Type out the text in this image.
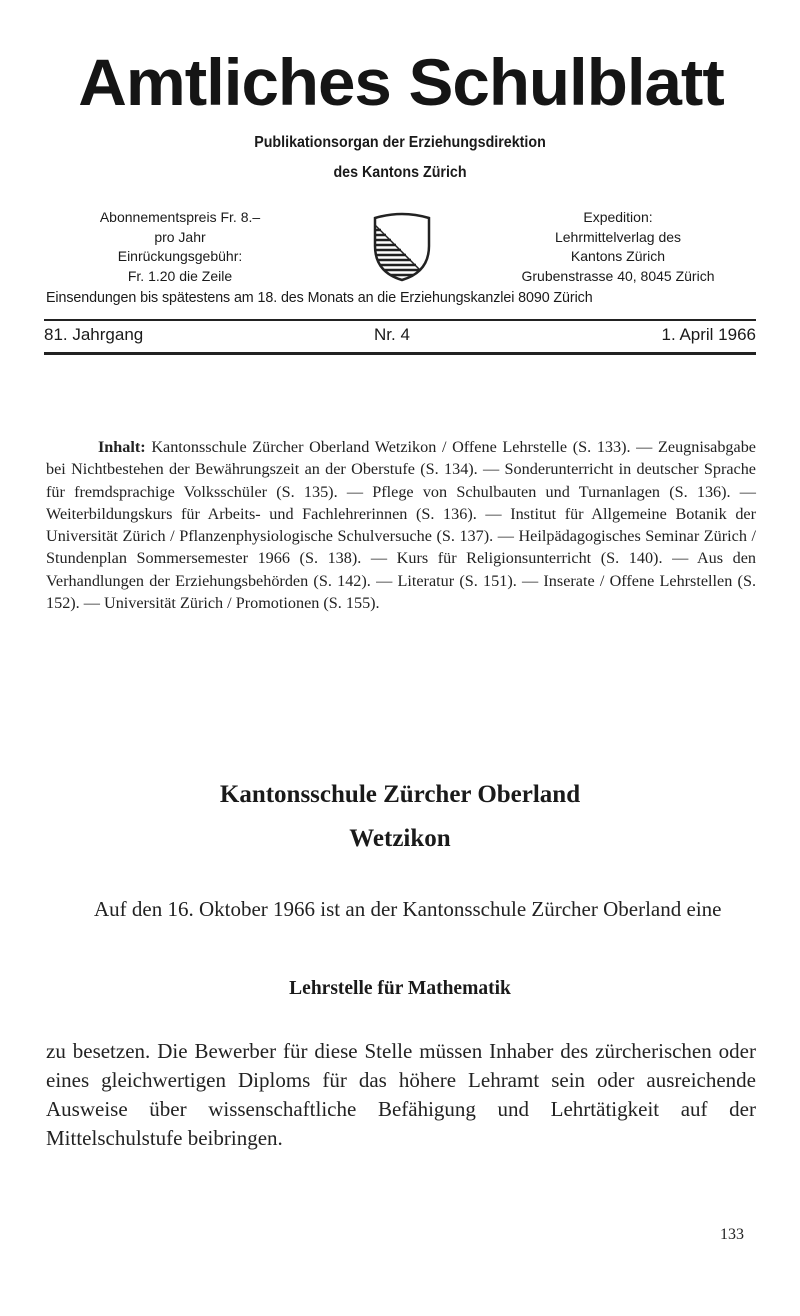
Amtliches Schulblatt
Publikationsorgan der Erziehungsdirektion
des Kantons Zürich
Abonnementspreis Fr. 8.–
pro Jahr
Einrückungsgebühr:
Fr. 1.20 die Zeile
Expedition:
Lehrmittelverlag des
Kantons Zürich
Grubenstrasse 40, 8045 Zürich
Einsendungen bis spätestens am 18. des Monats an die Erziehungskanzlei 8090 Zürich
81. Jahrgang	Nr. 4	1. April 1966
Inhalt: Kantonsschule Zürcher Oberland Wetzikon / Offene Lehrstelle (S. 133). — Zeugnisabgabe bei Nichtbestehen der Bewährungszeit an der Oberstufe (S. 134). — Sonderunterricht in deutscher Sprache für fremdsprachige Volksschüler (S. 135). — Pflege von Schulbauten und Turnanlagen (S. 136). — Weiterbildungskurs für Arbeits- und Fachlehrerinnen (S. 136). — Institut für Allgemeine Botanik der Universität Zürich / Pflanzenphysiologische Schulversuche (S. 137). — Heilpädagogisches Seminar Zürich / Stundenplan Sommersemester 1966 (S. 138). — Kurs für Religionsunterricht (S. 140). — Aus den Verhandlungen der Erziehungsbehörden (S. 142). — Literatur (S. 151). — Inserate / Offene Lehrstellen (S. 152). — Universität Zürich / Promotionen (S. 155).
Kantonsschule Zürcher Oberland
Wetzikon
Auf den 16. Oktober 1966 ist an der Kantonsschule Zürcher Oberland eine
Lehrstelle für Mathematik
zu besetzen. Die Bewerber für diese Stelle müssen Inhaber des zürcherischen oder eines gleichwertigen Diploms für das höhere Lehramt sein oder ausreichende Ausweise über wissenschaftliche Befähigung und Lehrtätigkeit auf der Mittelschulstufe beibringen.
133
